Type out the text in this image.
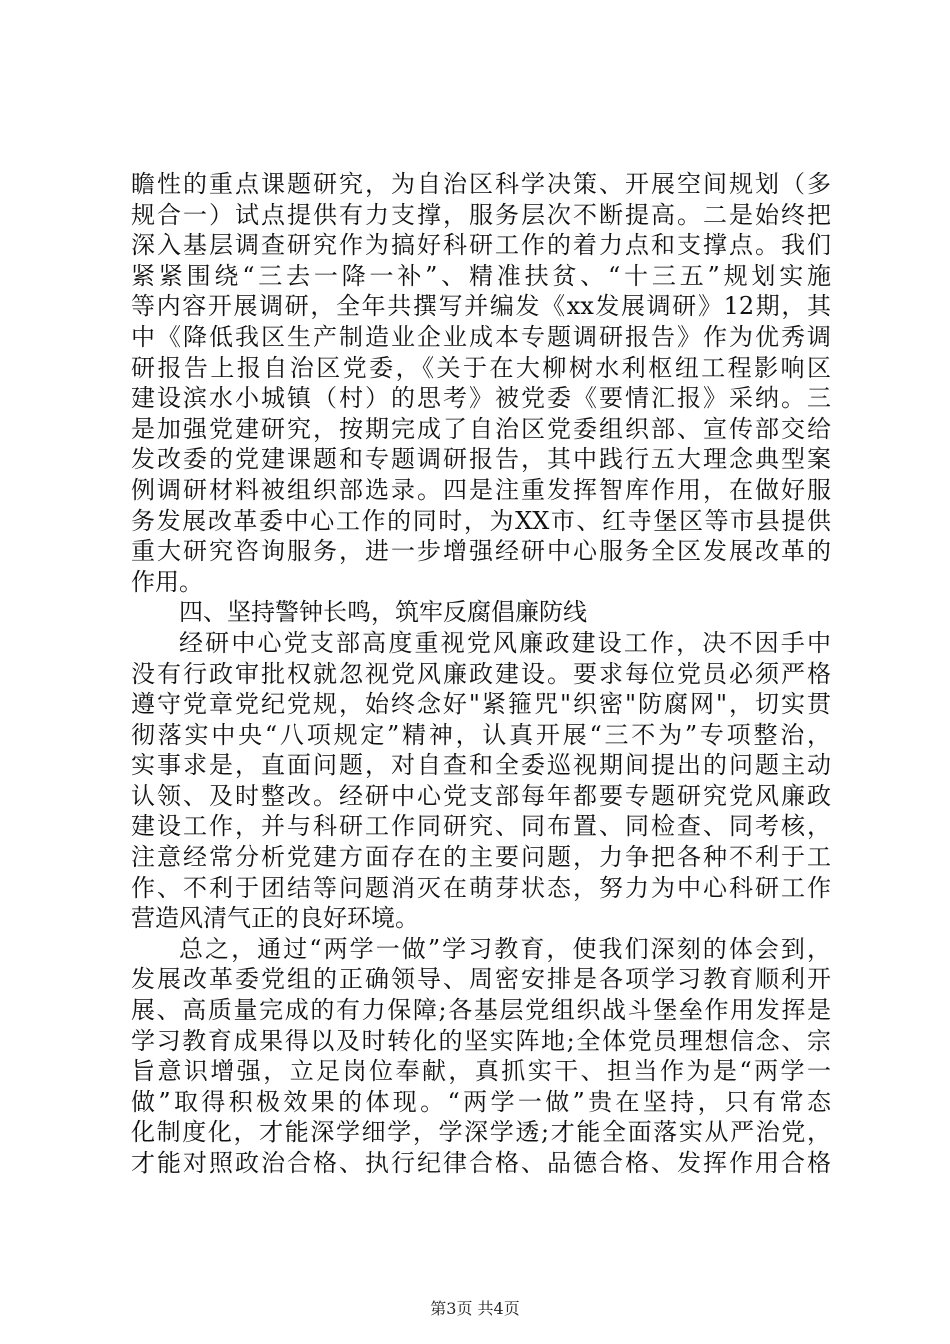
瞻性的重点课题研究，为自治区科学决策、开展空间规划（多
规合一）试点提供有力支撑，服务层次不断提高。二是始终把
深入基层调查研究作为搞好科研工作的着力点和支撑点。我们
紧紧围绕“三去一降一补”、精准扶贫、“十三五”规划实施
等内容开展调研，全年共撰写并编发《xx发展调研》12期，其
中《降低我区生产制造业企业成本专题调研报告》作为优秀调
研报告上报自治区党委，《关于在大柳树水利枢纽工程影响区
建设滨水小城镇（村）的思考》被党委《要情汇报》采纳。三
是加强党建研究，按期完成了自治区党委组织部、宣传部交给
发改委的党建课题和专题调研报告，其中践行五大理念典型案
例调研材料被组织部选录。四是注重发挥智库作用，在做好服
务发展改革委中心工作的同时，为XX市、红寺堡区等市县提供
重大研究咨询服务，进一步增强经研中心服务全区发展改革的
作用。
四、坚持警钟长鸣，筑牢反腐倡廉防线
经研中心党支部高度重视党风廉政建设工作，决不因手中
没有行政审批权就忽视党风廉政建设。要求每位党员必须严格
遵守党章党纪党规，始终念好"紧箍咒"织密"防腐网"，切实贯
彻落实中央“八项规定”精神，认真开展“三不为”专项整治，
实事求是，直面问题，对自查和全委巡视期间提出的问题主动
认领、及时整改。经研中心党支部每年都要专题研究党风廉政
建设工作，并与科研工作同研究、同布置、同检查、同考核，
注意经常分析党建方面存在的主要问题，力争把各种不利于工
作、不利于团结等问题消灭在萌芽状态，努力为中心科研工作
营造风清气正的良好环境。
总之，通过“两学一做”学习教育，使我们深刻的体会到，
发展改革委党组的正确领导、周密安排是各项学习教育顺利开
展、高质量完成的有力保障;各基层党组织战斗堡垒作用发挥是
学习教育成果得以及时转化的坚实阵地;全体党员理想信念、宗
旨意识增强，立足岗位奉献，真抓实干、担当作为是“两学一
做”取得积极效果的体现。“两学一做”贵在坚持，只有常态
化制度化，才能深学细学，学深学透;才能全面落实从严治党，
才能对照政治合格、执行纪律合格、品德合格、发挥作用合格
第3页 共4页
